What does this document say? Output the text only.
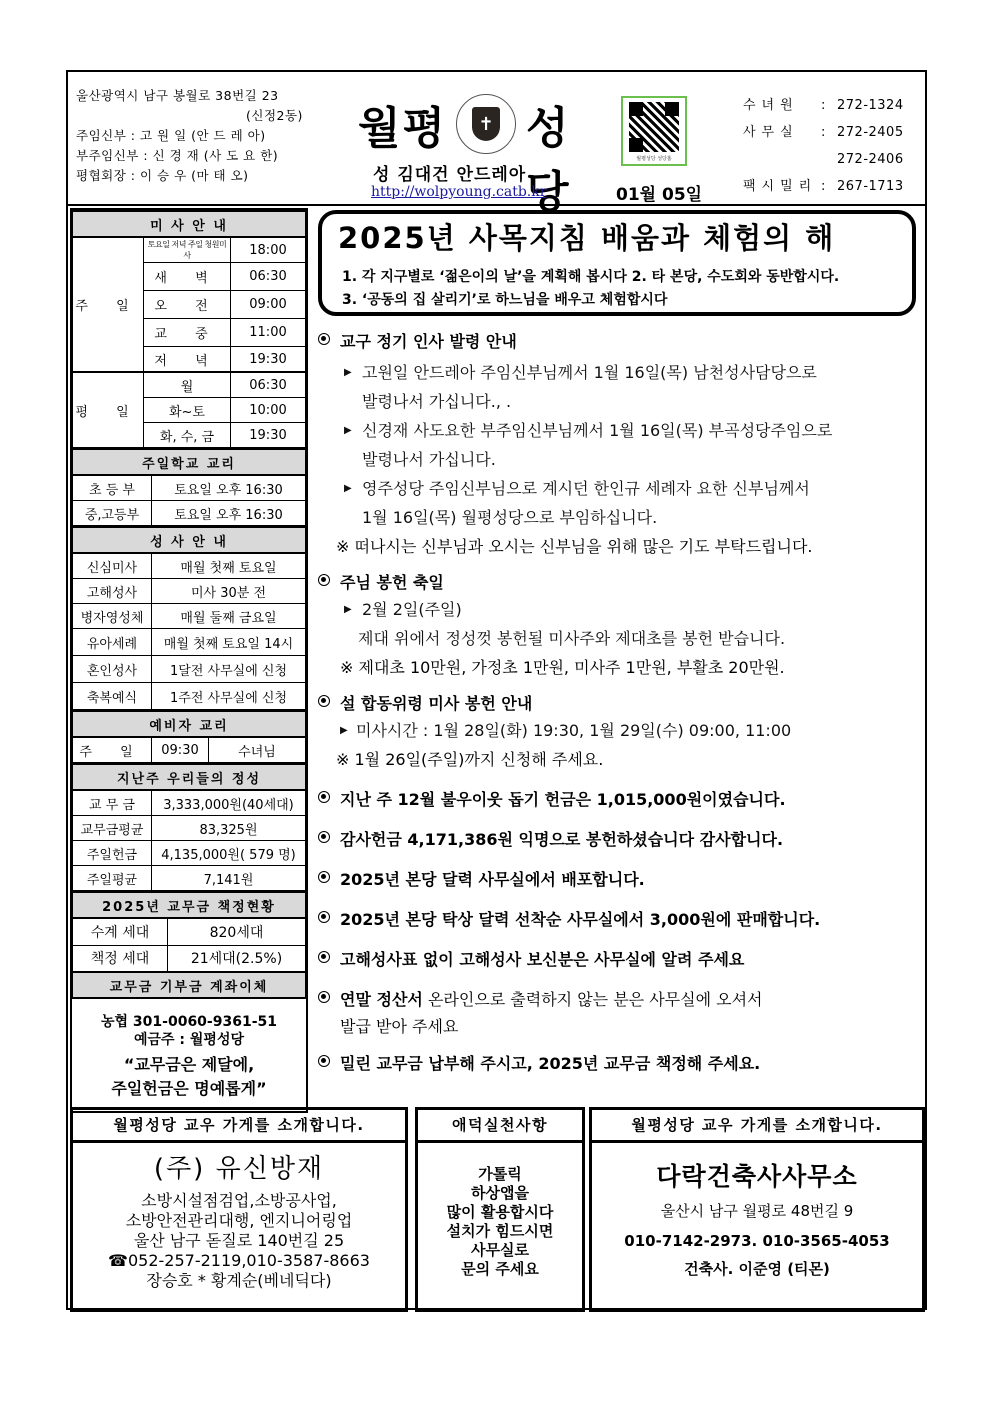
울산광역시 남구 봉월로 38번길 23
(신정2동)
주임신부 : 고 원 일 (안 드 레 아)
부주임신부 : 신 경 재 (사 도 요 한)
평협회장 : 이 승 우 (마 태 오)
월평	✝ 성당
성 김대건 안드레아
http://wolpyoung.catb.kr
월평성당 성당홈
01월 05일
수녀원	: 272-1324
사무실	: 272-2405
272-2406
팩시밀리 : 267-1713
미 사 안 내		
주 일	토요일 저녁 주일 청원미사	18:00
	새 벽	06:30
	오 전	09:00
	교 중	11:00
	저 녁	19:30
평 일	월	06:30
	화~토	10:00
	화, 수, 금	19:30
주일학교 교리	
초 등 부	토요일 오후 16:30
중,고등부	토요일 오후 16:30
성 사 안 내	
신심미사	매월 첫째 토요일
고해성사	미사 30분 전
병자영성체	매월 둘째 금요일
유아세례	매월 첫째 토요일 14시
혼인성사	1달전 사무실에 신청
축복예식	1주전 사무실에 신청
예비자 교리
주 일	09:30	수녀님
지난주 우리들의 정성	
교 무 금	3,333,000원(40세대)
교무금평균	83,325원
주일헌금	4,135,000원( 579 명)
주일평균	7,141원
2025년 교무금 책정현황	
수계 세대	820세대
책정 세대	21세대(2.5%)
교무금 기부금 계좌이체	
농협 301-0060-9361-51
예금주 : 월평성당
“교무금은 제달에,
주일헌금은 명예롭게”
2025년 사목지침 배움과 체험의 해
1. 각 지구별로 ‘젊은이의 날’을 계획해 봅시다 2. 타 본당, 수도회와 동반합시다.
3. ‘공동의 집 살리기’로 하느님을 배우고 체험합시다
교구 정기 인사 발령 안내
▶ 고원일 안드레아 주임신부님께서 1월 16일(목) 남천성사담당으로
발령나서 가십니다., .
▶ 신경재 사도요한 부주임신부님께서 1월 16일(목) 부곡성당주임으로
발령나서 가십니다.
▶ 영주성당 주임신부님으로 계시던 한인규 세례자 요한 신부님께서
1월 16일(목) 월평성당으로 부임하십니다.
※ 떠나시는 신부님과 오시는 신부님을 위해 많은 기도 부탁드립니다.
주님 봉헌 축일
▶ 2월 2일(주일)
제대 위에서 정성껏 봉헌될 미사주와 제대초를 봉헌 받습니다.
※ 제대초 10만원, 가정초 1만원, 미사주 1만원, 부활초 20만원.
설 합동위령 미사 봉헌 안내
▶ 미사시간 : 1월 28일(화) 19:30, 1월 29일(수) 09:00, 11:00
※ 1월 26일(주일)까지 신청해 주세요.
지난 주 12월 불우이웃 돕기 헌금은 1,015,000원이였습니다.
감사헌금 4,171,386원 익명으로 봉헌하셨습니다 감사합니다.
2025년 본당 달력 사무실에서 배포합니다.
2025년 본당 탁상 달력 선착순 사무실에서 3,000원에 판매합니다.
고해성사표 없이 고해성사 보신분은 사무실에 알려 주세요
연말 정산서 온라인으로 출력하지 않는 분은 사무실에 오셔서
발급 받아 주세요
밀린 교무금 납부해 주시고, 2025년 교무금 책정해 주세요.
월평성당 교우 가게를 소개합니다.
(주) 유신방재
소방시설점검업,소방공사업,
소방안전관리대행, 엔지니어링업
울산 남구 돋질로 140번길 25
☎052-257-2119,010-3587-8663
장승호 * 황계순(베네딕다)
애덕실천사항
가톨릭
하상앱을
많이 활용합시다
설치가 힘드시면
사무실로
문의 주세요
월평성당 교우 가게를 소개합니다.
다락건축사사무소
울산시 남구 월평로 48번길 9
010-7142-2973. 010-3565-4053
건축사. 이준영 (티몬)
